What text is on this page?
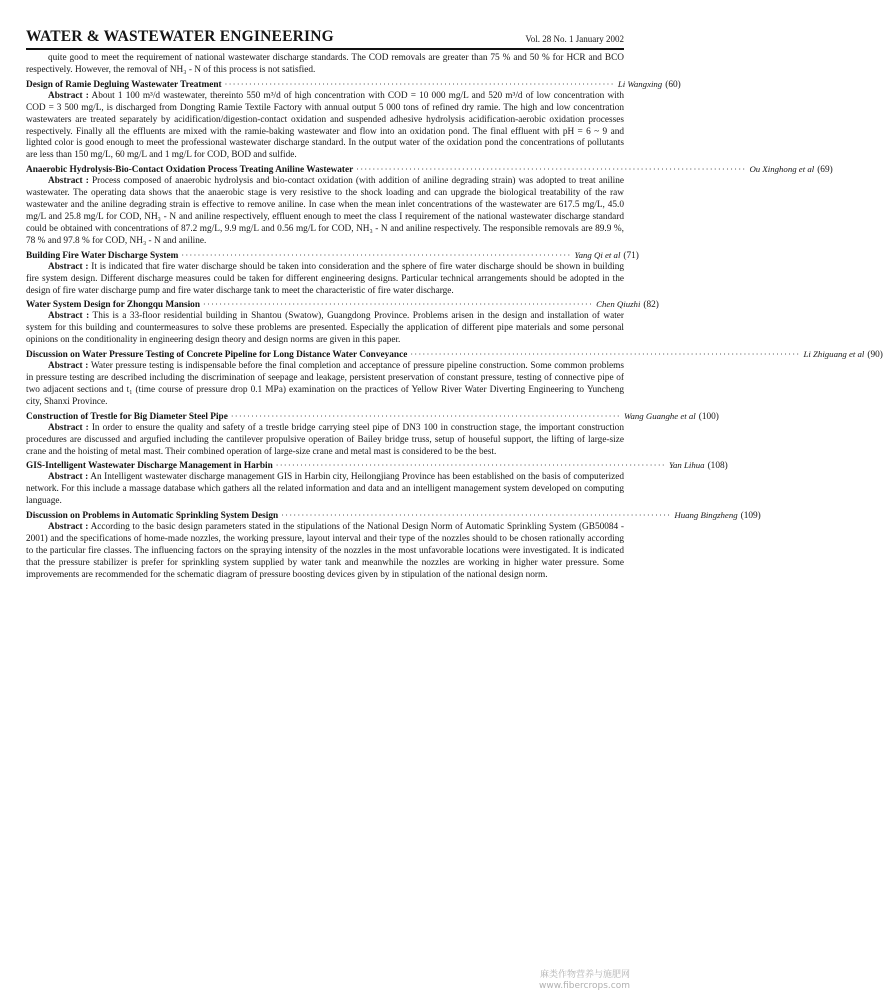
WATER & WASTEWATER ENGINEERING	Vol. 28 No. 1 January 2002

quite good to meet the requirement of national wastewater discharge standards. The COD removals are greater than 75 % and 50 % for HCR and BCO respectively. However, the removal of NH₃ - N of this process is not satisfied.

Design of Ramie Degluing Wastewater Treatment ································································································ Li Wangxing (60)

Abstract : About 1 100 m³/d wastewater, thereinto 550 m³/d of high concentration with COD = 10 000 mg/L and 520 m³/d of low concentration with COD = 3 500 mg/L, is discharged from Dongting Ramie Textile Factory with annual output 5 000 tons of refined dry ramie. The high and low concentration wastewaters are treated separately by acidification/digestion-contact oxidation and suspended adhesive hydrolysis acidification-aerobic oxidation processes respectively. Finally all the effluents are mixed with the ramie-baking wastewater and flow into an oxidation pond. The final effluent with pH = 6 ~ 9 and lighted color is good enough to meet the professional wastewater discharge standard. In the output water of the oxidation pond the concentrations of pollutants are less than 150 mg/L, 60 mg/L and 1 mg/L for COD, BOD and sulfide.

Anaerobic Hydrolysis-Bio-Contact Oxidation Process Treating Aniline Wastewater ································································································ Ou Xinghong et al (69)

Abstract : Process composed of anaerobic hydrolysis and bio-contact oxidation (with addition of aniline degrading strain) was adopted to treat aniline wastewater. The operating data shows that the anaerobic stage is very resistive to the shock loading and can upgrade the biological treatability of the raw wastewater and the aniline degrading strain is effective to remove aniline. In case when the mean inlet concentrations of the wastewater are 617.5 mg/L, 45.0 mg/L and 25.8 mg/L for COD, NH₃ - N and aniline respectively, effluent enough to meet the class I requirement of the national wastewater discharge standard could be obtained with concentrations of 87.2 mg/L, 9.9 mg/L and 0.56 mg/L for COD, NH₃ - N and aniline respectively. The responsible removals are 89.9 %, 78 % and 97.8 % for COD, NH₃ - N and aniline.

Building Fire Water Discharge System ································································································ Yang Qi et al (71)

Abstract : It is indicated that fire water discharge should be taken into consideration and the sphere of fire water discharge should be shown in building fire system design. Different discharge measures could be taken for different engineering designs. Particular technical arrangements should be adopted in the design of fire water discharge pump and fire water discharge tank to meet the characteristic of fire water discharge.

Water System Design for Zhongqu Mansion ································································································ Chen Qiuzhi (82)

Abstract : This is a 33-floor residential building in Shantou (Swatow), Guangdong Province. Problems arisen in the design and installation of water system for this building and countermeasures to solve these problems are presented. Especially the application of different pipe materials and some personal opinions on the conditionality in engineering design theory and design norms are given in this paper.

Discussion on Water Pressure Testing of Concrete Pipeline for Long Distance Water Conveyance ································································································ Li Zhiguang et al (90)

Abstract : Water pressure testing is indispensable before the final completion and acceptance of pressure pipeline construction. Some common problems in pressure testing are described including the discrimination of seepage and leakage, persistent preservation of constant pressure, testing of connective pipe of two adjacent sections and t₁ (time course of pressure drop 0.1 MPa) examination on the practices of Yellow River Water Diverting Engineering to Yuncheng city, Shanxi Province.

Construction of Trestle for Big Diameter Steel Pipe ································································································ Wang Guanghe et al (100)

Abstract : In order to ensure the quality and safety of a trestle bridge carrying steel pipe of DN3 100 in construction stage, the important construction procedures are discussed and argufied including the cantilever propulsive operation of Bailey bridge truss, setup of houseful support, the lifting of large-size crane and the hoisting of metal mast. Their combined operation of large-size crane and metal mast is considered to be the best.

GIS-Intelligent Wastewater Discharge Management in Harbin ································································································ Yan Lihua (108)

Abstract : An Intelligent wastewater discharge management GIS in Harbin city, Heilongjiang Province has been established on the basis of computerized network. For this include a massage database which gathers all the related information and data and an intelligent management system developed on computing language.

Discussion on Problems in Automatic Sprinkling System Design ································································································ Huang Bingzheng (109)

Abstract : According to the basic design parameters stated in the stipulations of the National Design Norm of Automatic Sprinkling System (GB50084 - 2001) and the specifications of home-made nozzles, the working pressure, layout interval and their type of the nozzles should to be chosen rationally according to the particular fire classes. The influencing factors on the spraying intensity of the nozzles in the most unfavorable locations were investigated. It is indicated that the pressure stabilizer is prefer for sprinkling system supplied by water tank and meanwhile the nozzles are working in higher water pressure. Some improvements are recommended for the schematic diagram of pressure boosting devices given by in stipulation of the national design norm.

麻类作物营养与施肥网
www.fibercrops.com
